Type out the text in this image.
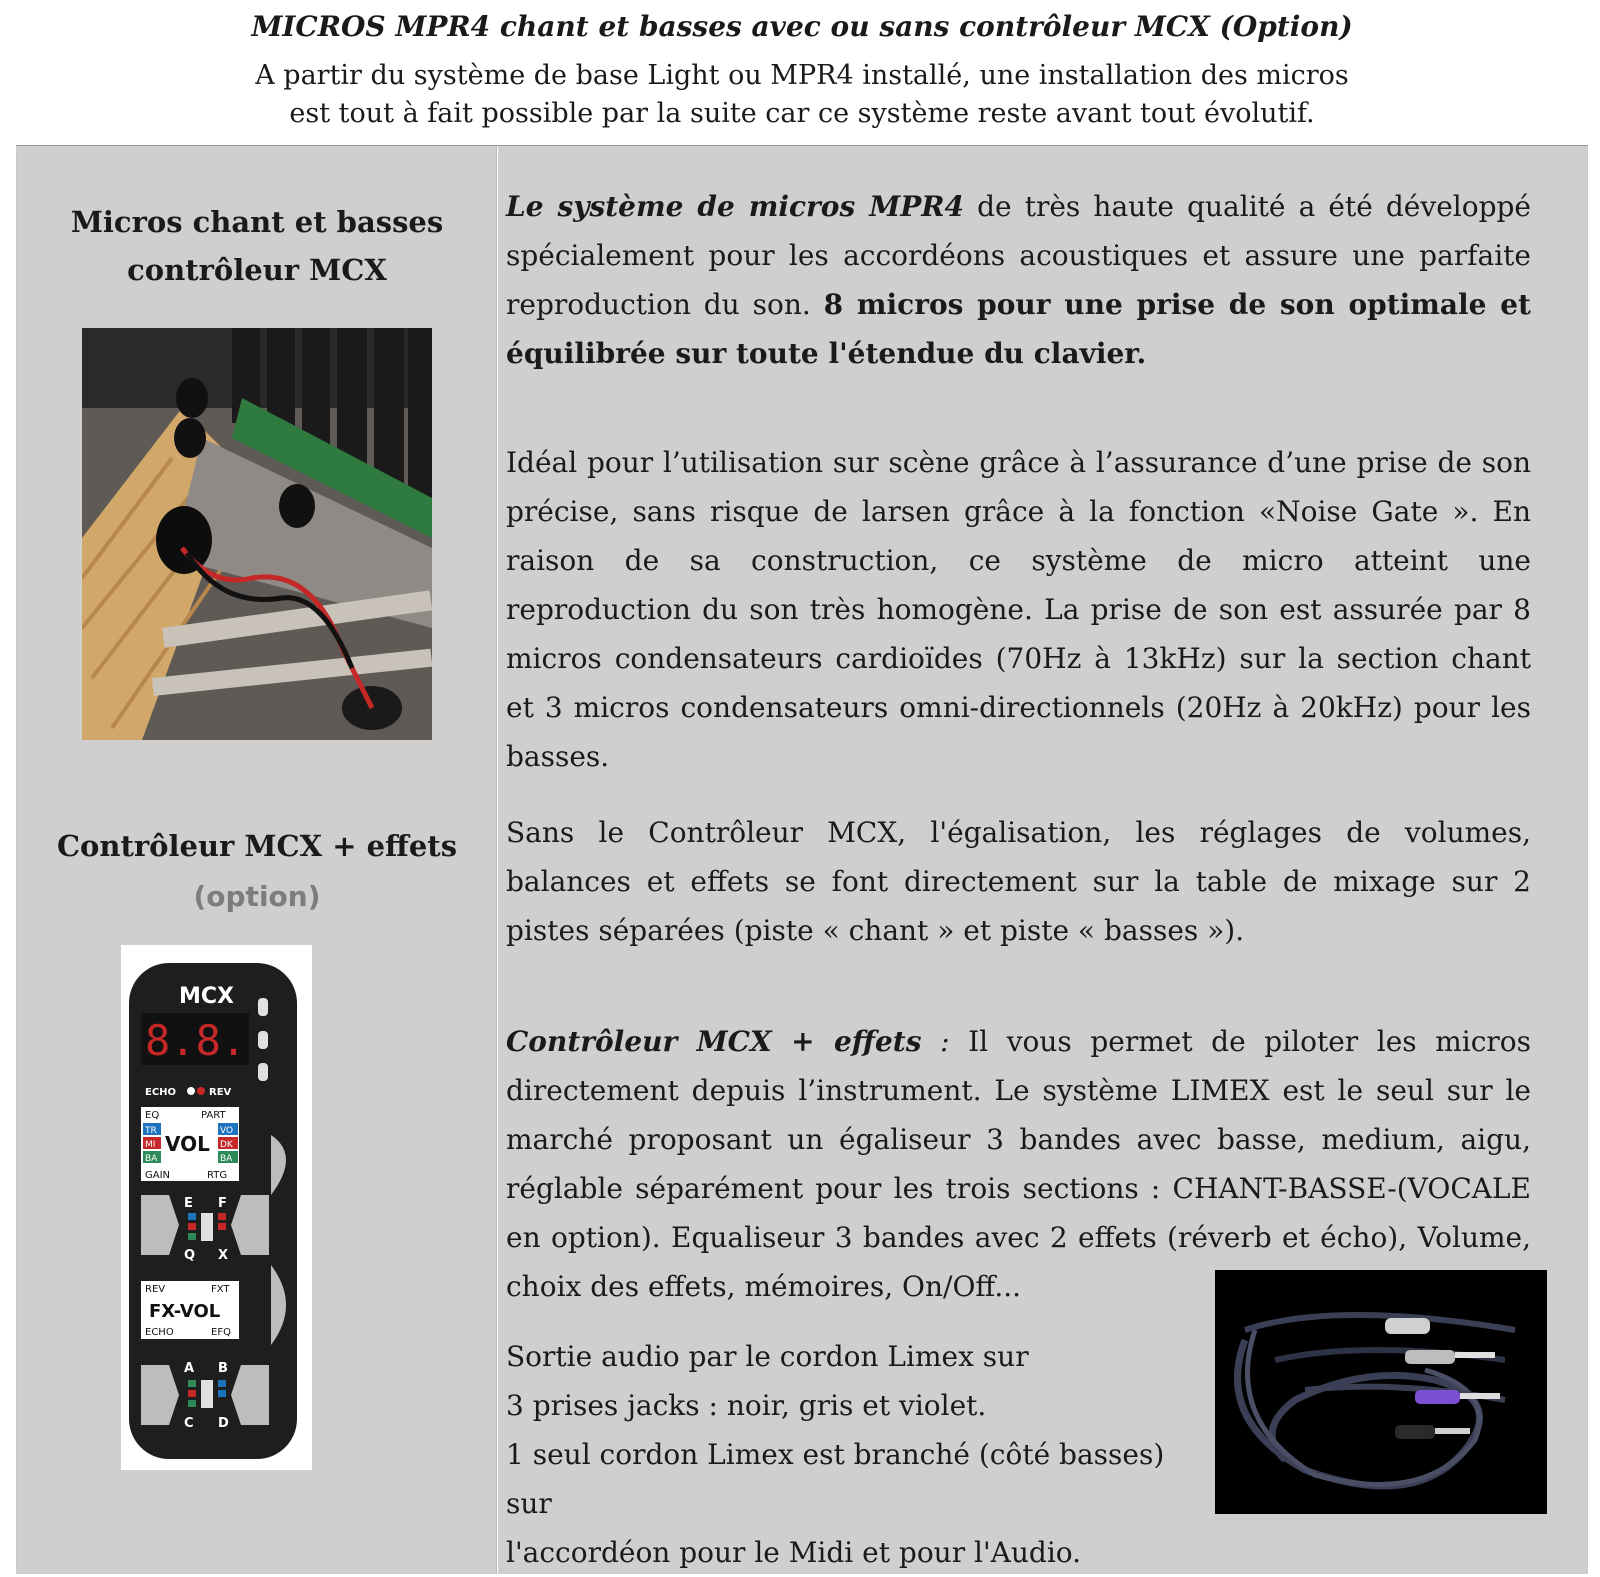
MICROS MPR4 chant et basses avec ou sans contrôleur MCX (Option)
A partir du système de base Light ou MPR4 installé, une installation des micros
est tout à fait possible par la suite car ce système reste avant tout évolutif.
Micros chant et basses
contrôleur MCX
Contrôleur MCX + effets
(option)
MCX
8.8.
ECHO	REV
EQ	PART
TR
MI
BA
VO
DK
BA
VOL
GAIN	RTG
E F
Q X
REV	FXT
FX-VOL
ECHO	EFQ
A B
C D
Le système de micros MPR4 de très haute qualité a été développé spécialement pour les accordéons acoustiques et assure une parfaite reproduction du son. 8 micros pour une prise de son optimale et équilibrée sur toute l'étendue du clavier.
Idéal pour l’utilisation sur scène grâce à l’assurance d’une prise de son précise, sans risque de larsen grâce à la fonction «Noise Gate ». En raison de sa construction, ce système de micro atteint une reproduction du son très homogène. La prise de son est assurée par 8 micros condensateurs cardioïdes (70Hz à 13kHz) sur la section chant et 3 micros condensateurs omni-directionnels (20Hz à 20kHz) pour les basses.
Sans le Contrôleur MCX, l'égalisation, les réglages de volumes, balances et effets se font directement sur la table de mixage sur 2 pistes séparées (piste « chant » et piste « basses »).
Contrôleur MCX + effets : Il vous permet de piloter les micros directement depuis l’instrument. Le système LIMEX est le seul sur le marché proposant un égaliseur 3 bandes avec basse, medium, aigu, réglable séparément pour les trois sections : CHANT-BASSE-(VOCALE en option). Equaliseur 3 bandes avec 2 effets (réverb et écho), Volume, choix des effets, mémoires, On/Off...
Sortie audio par le cordon Limex sur
3 prises jacks : noir, gris et violet.
1 seul cordon Limex est branché (côté basses) sur
l'accordéon pour le Midi et pour l'Audio.
